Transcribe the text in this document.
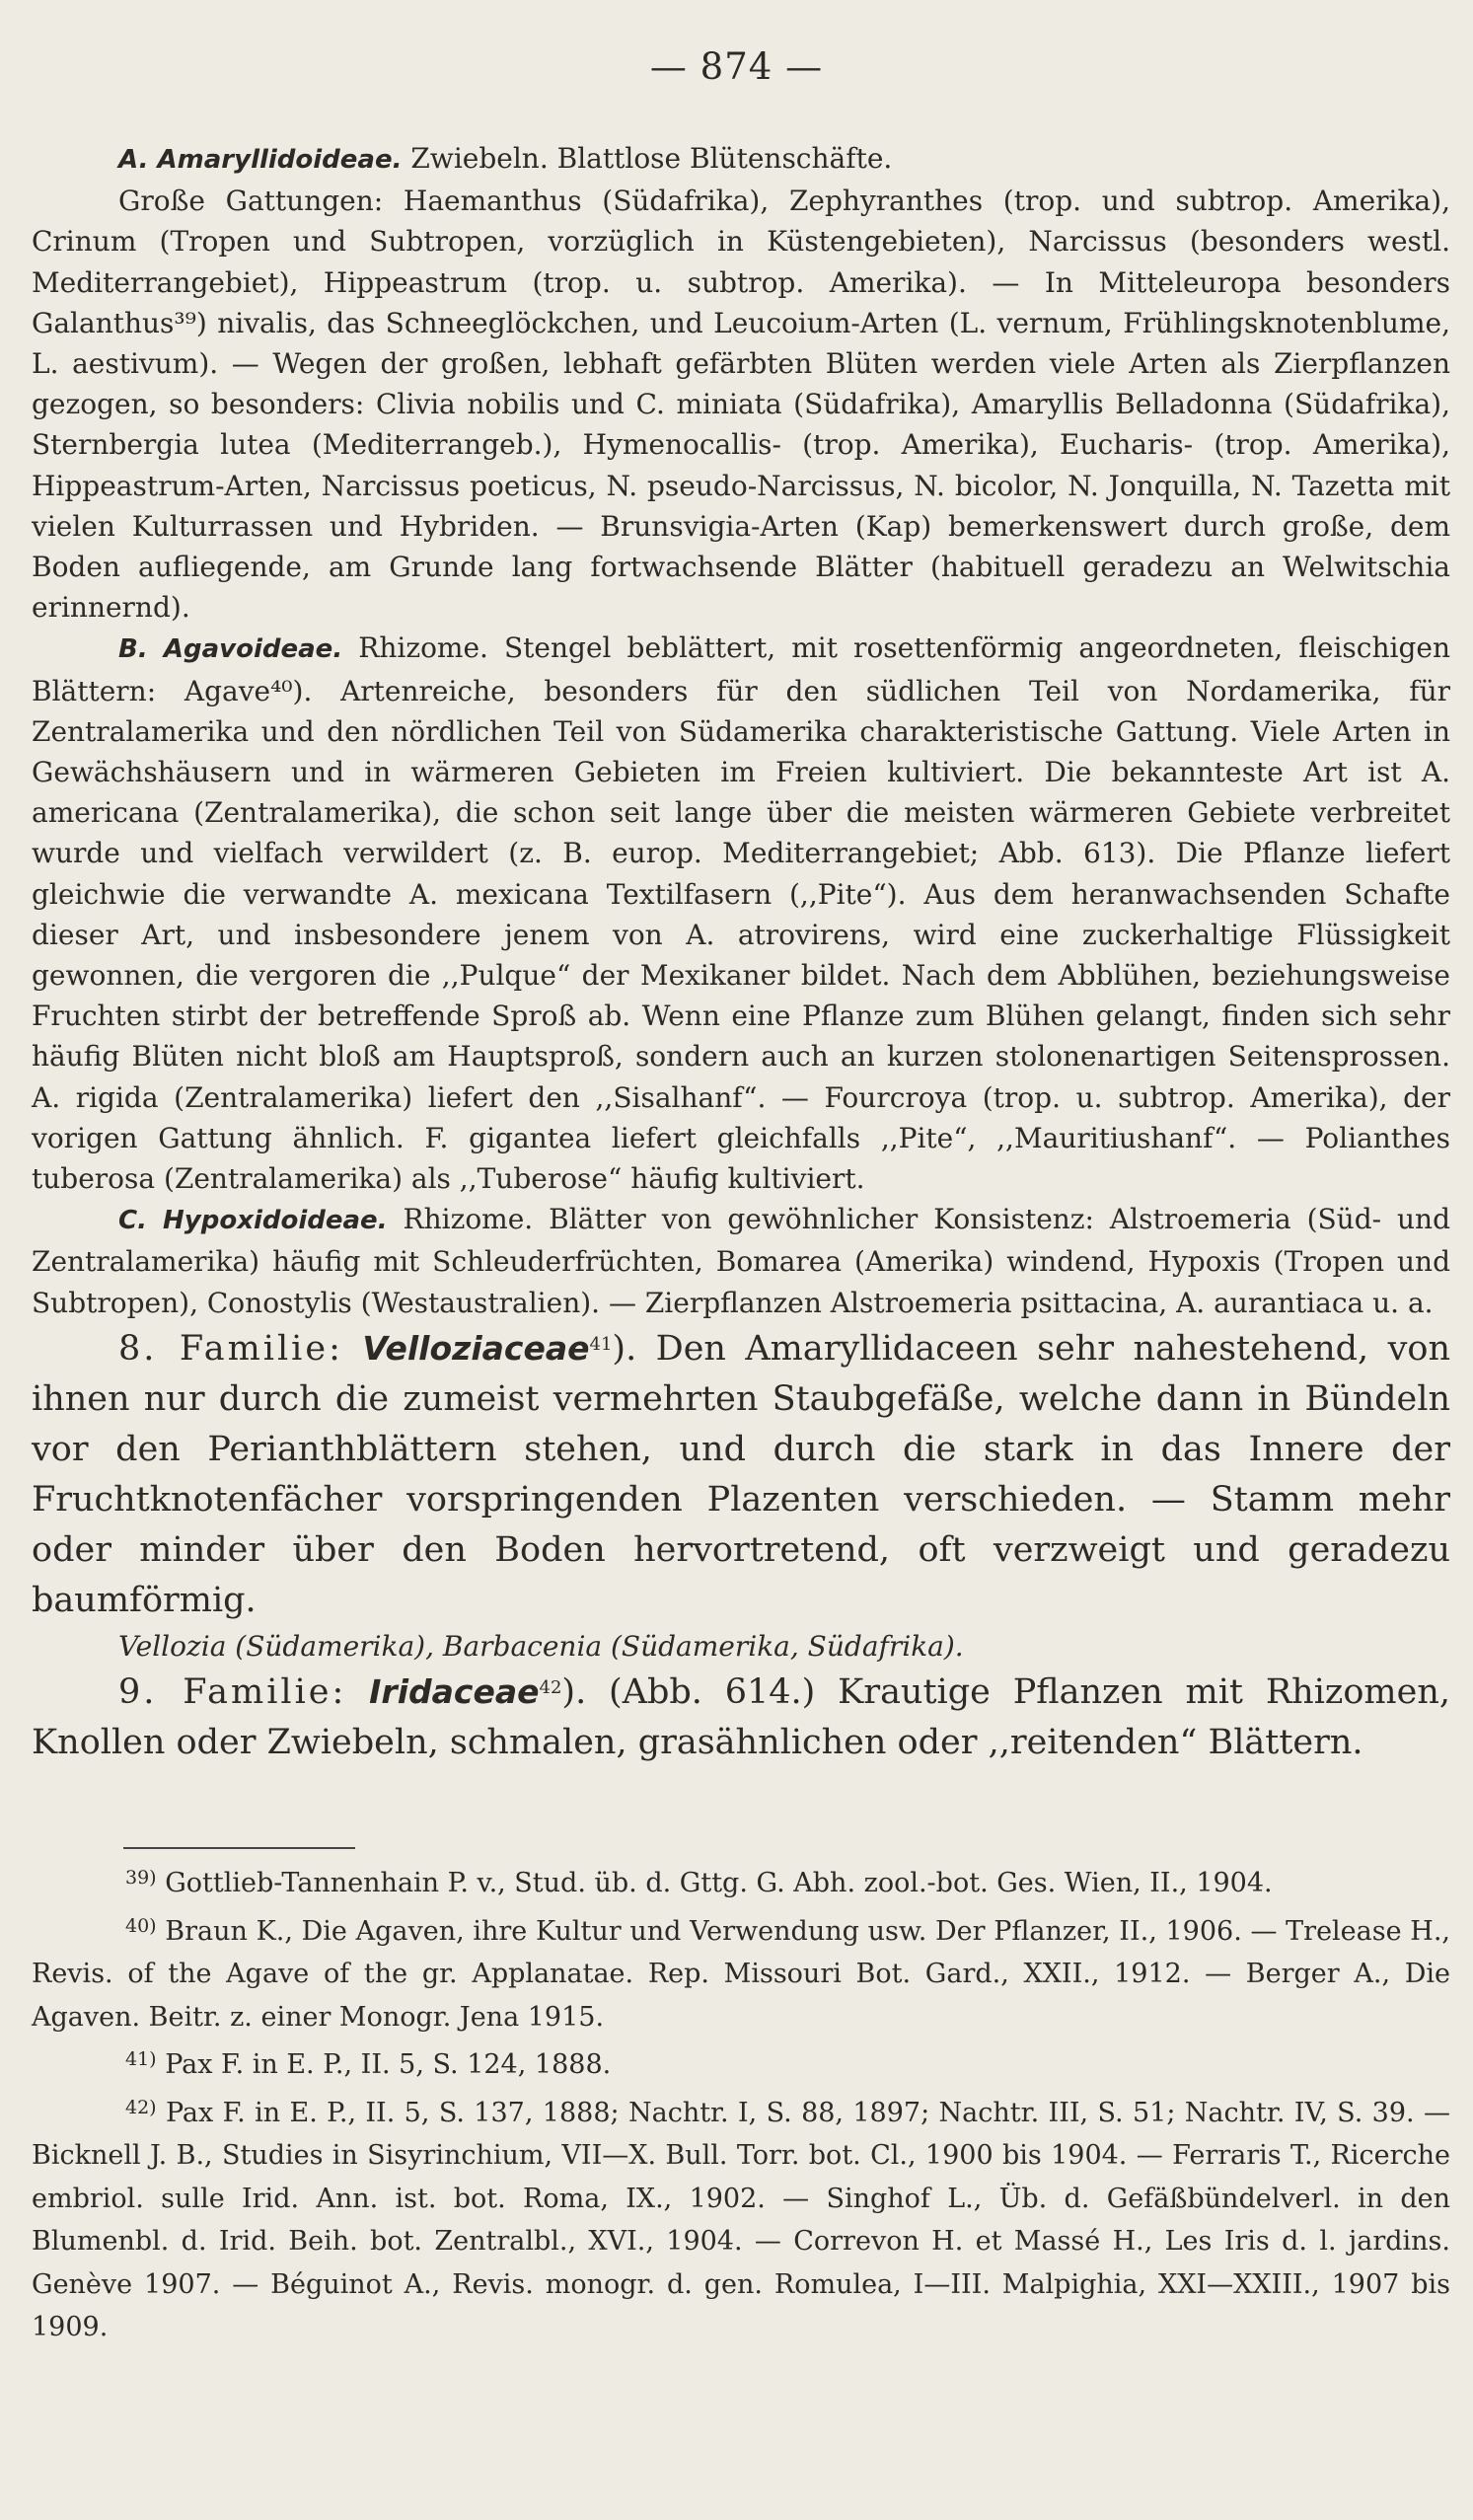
— 874 —

A. Amaryllidoideae. Zwiebeln. Blattlose Blütenschäfte.

Große Gattungen: Haemanthus (Südafrika), Zephyranthes (trop. und subtrop. Amerika), Crinum (Tropen und Subtropen, vorzüglich in Küstengebieten), Narcissus (besonders westl. Mediterrangebiet), Hippeastrum (trop. u. subtrop. Amerika). — In Mitteleuropa besonders Galanthus³⁹) nivalis, das Schneeglöckchen, und Leucoium-Arten (L. vernum, Frühlingsknotenblume, L. aestivum). — Wegen der großen, lebhaft gefärbten Blüten werden viele Arten als Zierpflanzen gezogen, so besonders: Clivia nobilis und C. miniata (Südafrika), Amaryllis Belladonna (Südafrika), Sternbergia lutea (Mediterrangeb.), Hymenocallis- (trop. Amerika), Eucharis- (trop. Amerika), Hippeastrum-Arten, Narcissus poeticus, N. pseudo-Narcissus, N. bicolor, N. Jonquilla, N. Tazetta mit vielen Kulturrassen und Hybriden. — Brunsvigia-Arten (Kap) bemerkenswert durch große, dem Boden aufliegende, am Grunde lang fortwachsende Blätter (habituell geradezu an Welwitschia erinnernd).

B. Agavoideae. Rhizome. Stengel beblättert, mit rosettenförmig angeordneten, fleischigen Blättern: Agave⁴⁰). Artenreiche, besonders für den südlichen Teil von Nordamerika, für Zentralamerika und den nördlichen Teil von Südamerika charakteristische Gattung. Viele Arten in Gewächshäusern und in wärmeren Gebieten im Freien kultiviert. Die bekannteste Art ist A. americana (Zentralamerika), die schon seit lange über die meisten wärmeren Gebiete verbreitet wurde und vielfach verwildert (z. B. europ. Mediterrangebiet; Abb. 613). Die Pflanze liefert gleichwie die verwandte A. mexicana Textilfasern (,,Pite“). Aus dem heranwachsenden Schafte dieser Art, und insbesondere jenem von A. atrovirens, wird eine zuckerhaltige Flüssigkeit gewonnen, die vergoren die ,,Pulque“ der Mexikaner bildet. Nach dem Abblühen, beziehungsweise Fruchten stirbt der betreffende Sproß ab. Wenn eine Pflanze zum Blühen gelangt, finden sich sehr häufig Blüten nicht bloß am Hauptsproß, sondern auch an kurzen stolonenartigen Seitensprossen. A. rigida (Zentralamerika) liefert den ,,Sisalhanf“. — Fourcroya (trop. u. subtrop. Amerika), der vorigen Gattung ähnlich. F. gigantea liefert gleichfalls ,,Pite“, ,,Mauritiushanf“. — Polianthes tuberosa (Zentralamerika) als ,,Tuberose“ häufig kultiviert.

C. Hypoxidoideae. Rhizome. Blätter von gewöhnlicher Konsistenz: Alstroemeria (Süd- und Zentralamerika) häufig mit Schleuderfrüchten, Bomarea (Amerika) windend, Hypoxis (Tropen und Subtropen), Conostylis (Westaustralien). — Zierpflanzen Alstroemeria psittacina, A. aurantiaca u. a.

8. Familie: Velloziaceae$^{41}$). Den Amaryllidaceen sehr nahestehend, von ihnen nur durch die zumeist vermehrten Staubgefäße, welche dann in Bündeln vor den Perianthblättern stehen, und durch die stark in das Innere der Fruchtknotenfächer vorspringenden Plazenten verschieden. — Stamm mehr oder minder über den Boden hervortretend, oft verzweigt und geradezu baumförmig.

Vellozia (Südamerika), Barbacenia (Südamerika, Südafrika).

9. Familie: Iridaceae$^{42}$). (Abb. 614.) Krautige Pflanzen mit Rhizomen, Knollen oder Zwiebeln, schmalen, grasähnlichen oder ,,reitenden“ Blättern.

$^{39)}$ Gottlieb-Tannenhain P. v., Stud. üb. d. Gttg. G. Abh. zool.-bot. Ges. Wien, II., 1904.

$^{40)}$ Braun K., Die Agaven, ihre Kultur und Verwendung usw. Der Pflanzer, II., 1906. — Trelease H., Revis. of the Agave of the gr. Applanatae. Rep. Missouri Bot. Gard., XXII., 1912. — Berger A., Die Agaven. Beitr. z. einer Monogr. Jena 1915.

$^{41)}$ Pax F. in E. P., II. 5, S. 124, 1888.

$^{42)}$ Pax F. in E. P., II. 5, S. 137, 1888; Nachtr. I, S. 88, 1897; Nachtr. III, S. 51; Nachtr. IV, S. 39. — Bicknell J. B., Studies in Sisyrinchium, VII—X. Bull. Torr. bot. Cl., 1900 bis 1904. — Ferraris T., Ricerche embriol. sulle Irid. Ann. ist. bot. Roma, IX., 1902. — Singhof L., Üb. d. Gefäßbündelverl. in den Blumenbl. d. Irid. Beih. bot. Zentralbl., XVI., 1904. — Correvon H. et Massé H., Les Iris d. l. jardins. Genève 1907. — Béguinot A., Revis. monogr. d. gen. Romulea, I—III. Malpighia, XXI—XXIII., 1907 bis 1909.
